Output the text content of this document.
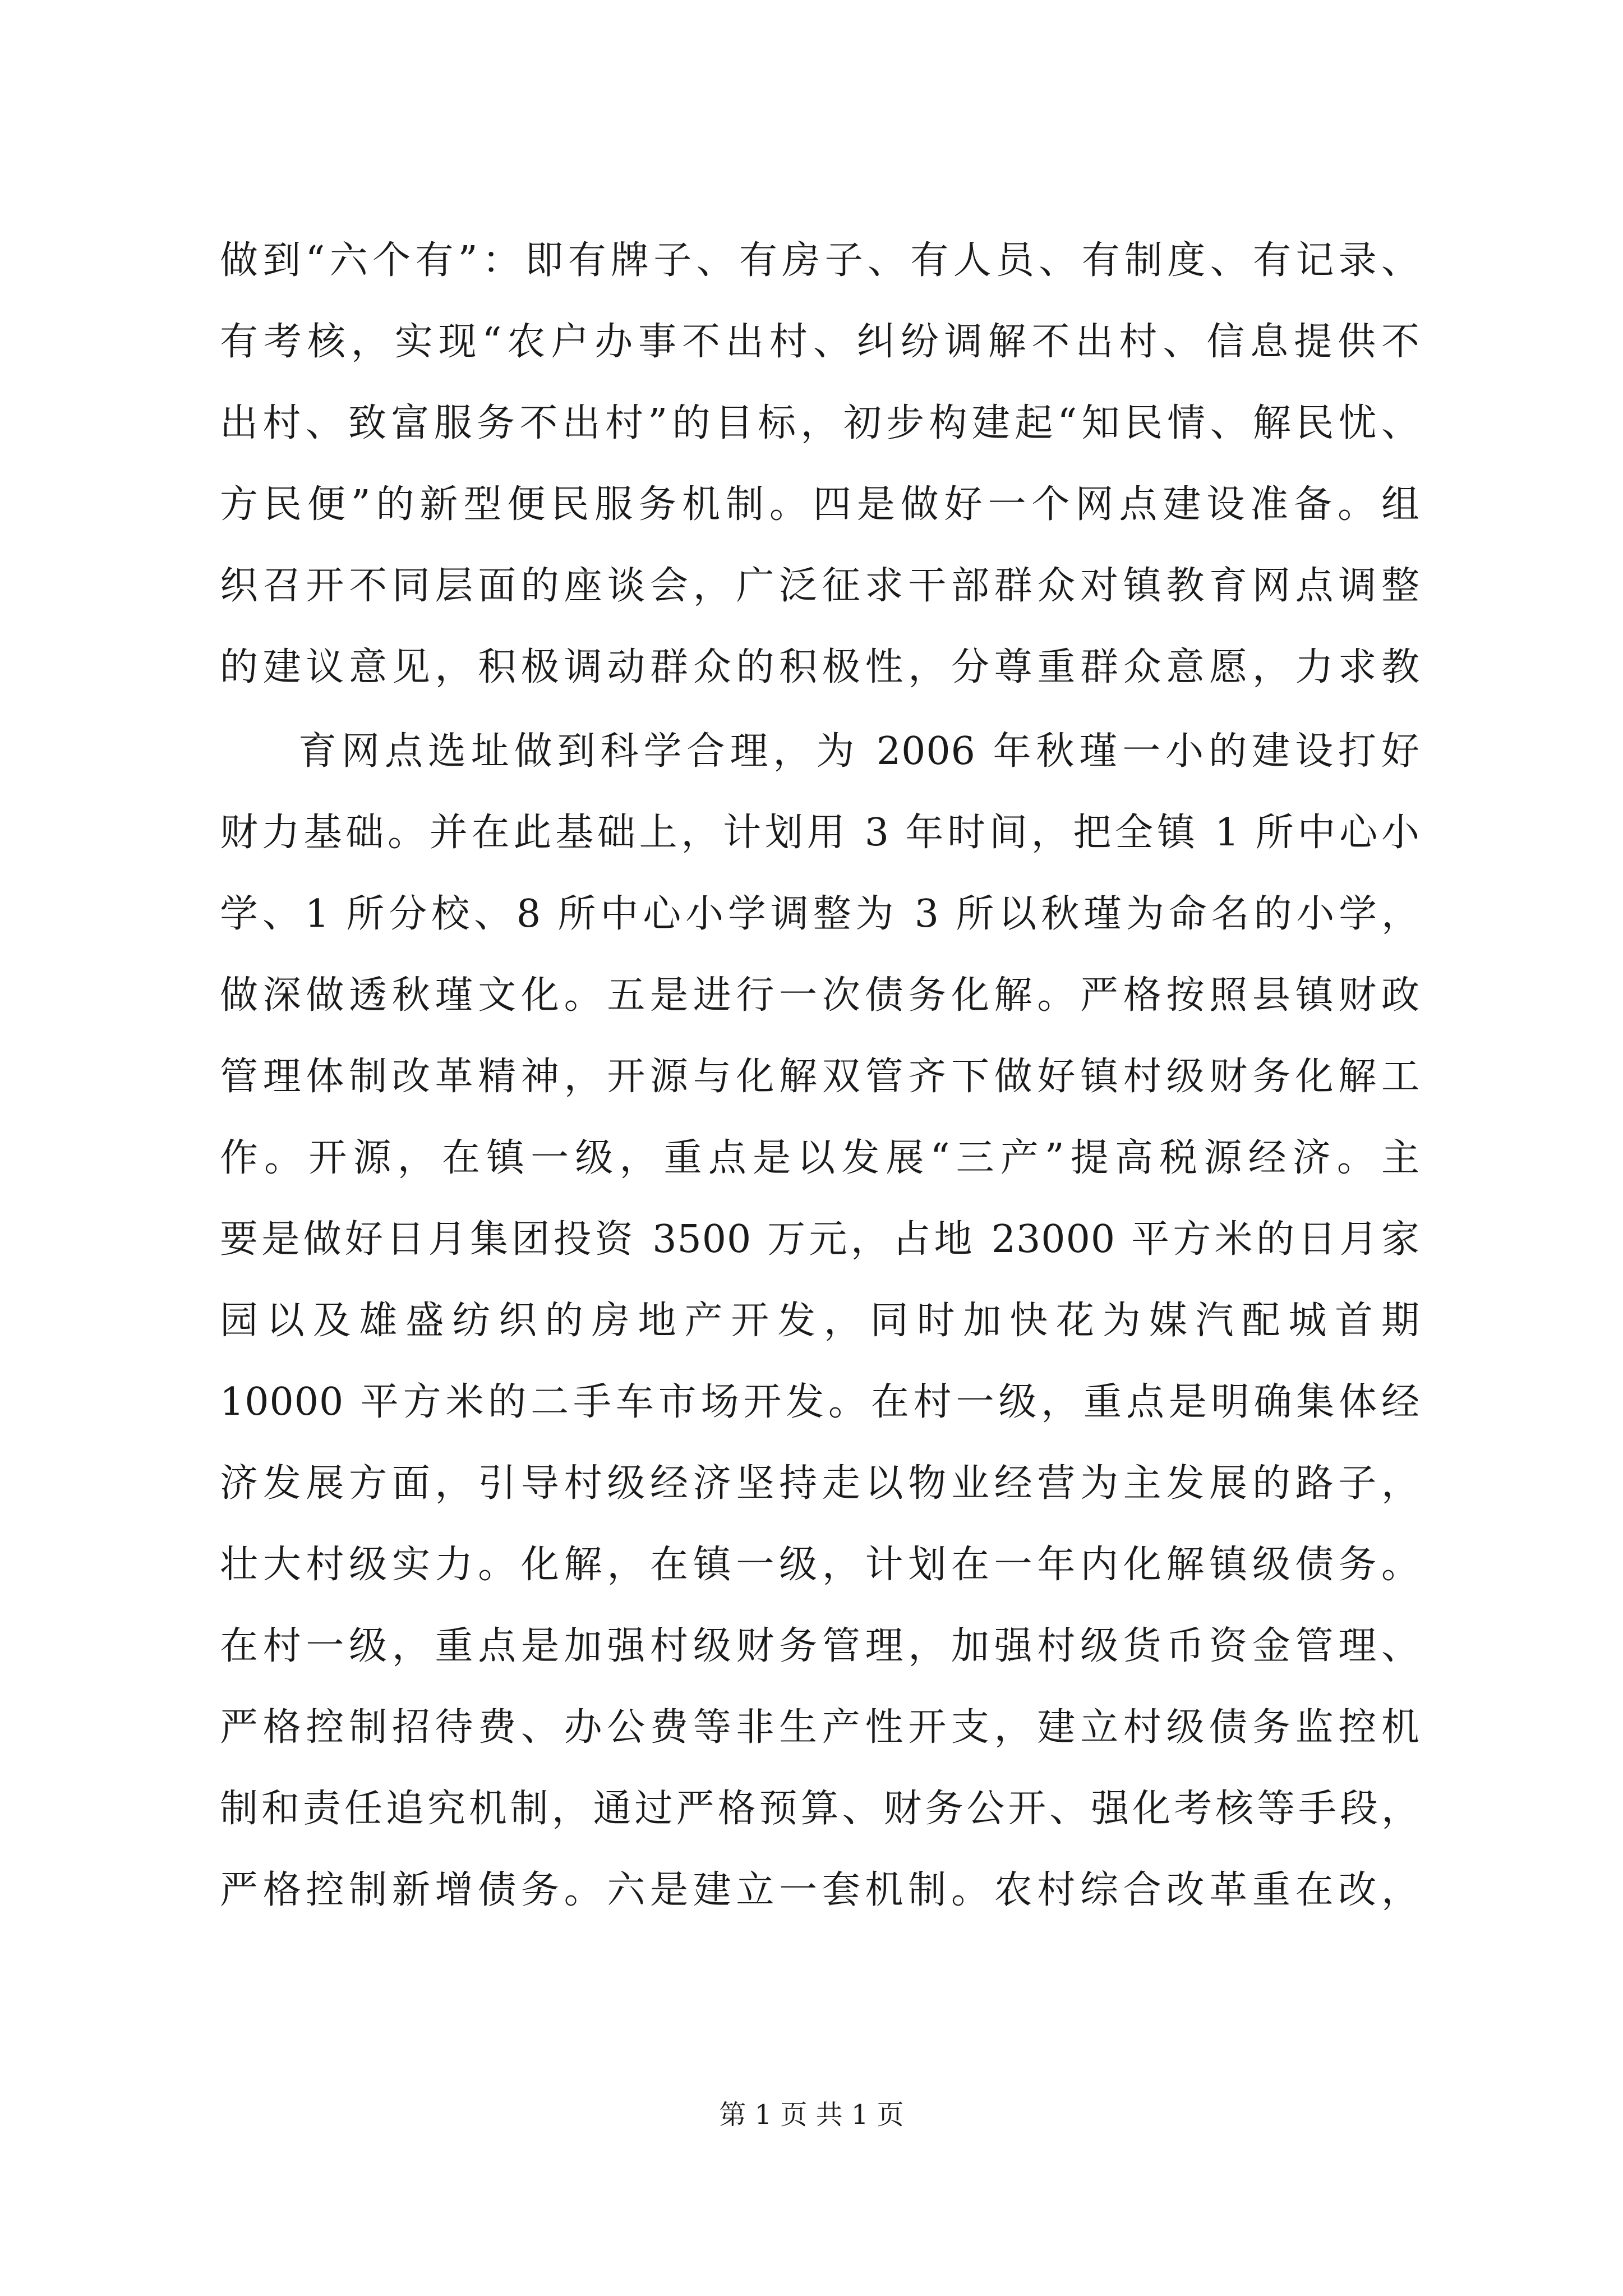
做到“六个有”：即有牌子、有房子、有人员、有制度、有记录、
有考核，实现“农户办事不出村、纠纷调解不出村、信息提供不
出村、致富服务不出村”的目标，初步构建起“知民情、解民忧、
方民便”的新型便民服务机制。四是做好一个网点建设准备。组
织召开不同层面的座谈会，广泛征求干部群众对镇教育网点调整
的建议意见，积极调动群众的积极性，分尊重群众意愿，力求教
育网点选址做到科学合理，为 2006 年秋瑾一小的建设打好
财力基础。并在此基础上，计划用 3 年时间，把全镇 1 所中心小
学、1 所分校、8 所中心小学调整为 3 所以秋瑾为命名的小学，
做深做透秋瑾文化。五是进行一次债务化解。严格按照县镇财政
管理体制改革精神，开源与化解双管齐下做好镇村级财务化解工
作。开源，在镇一级，重点是以发展“三产”提高税源经济。主
要是做好日月集团投资 3500 万元，占地 23000 平方米的日月家
园以及雄盛纺织的房地产开发，同时加快花为媒汽配城首期
10000 平方米的二手车市场开发。在村一级，重点是明确集体经
济发展方面，引导村级经济坚持走以物业经营为主发展的路子，
壮大村级实力。化解，在镇一级，计划在一年内化解镇级债务。
在村一级，重点是加强村级财务管理，加强村级货币资金管理、
严格控制招待费、办公费等非生产性开支，建立村级债务监控机
制和责任追究机制，通过严格预算、财务公开、强化考核等手段，
严格控制新增债务。六是建立一套机制。农村综合改革重在改，
第 1 页 共 1 页
